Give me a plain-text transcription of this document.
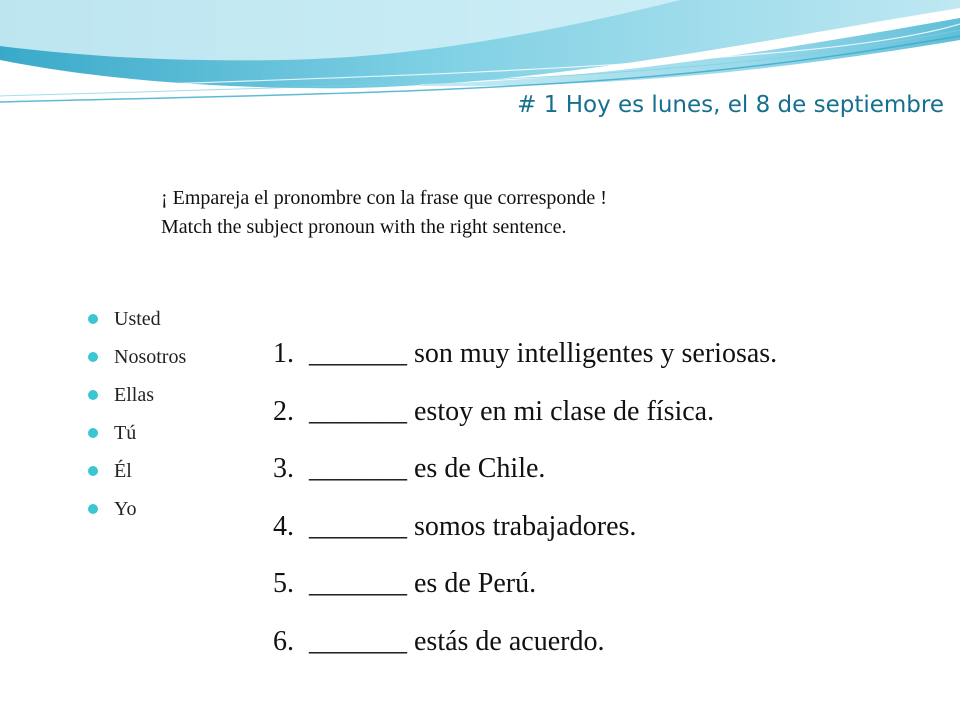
# 1 Hoy es lunes, el 8 de septiembre
¡ Empareja el pronombre con la frase que corresponde !
Match the subject pronoun with the right sentence.
Usted
Nosotros
Ellas
Tú
Él
Yo
1. _______ son muy intelligentes y seriosas.
2. _______ estoy en mi clase de física.
3. _______ es de Chile.
4. _______ somos trabajadores.
5. _______ es de Perú.
6. _______ estás de acuerdo.
